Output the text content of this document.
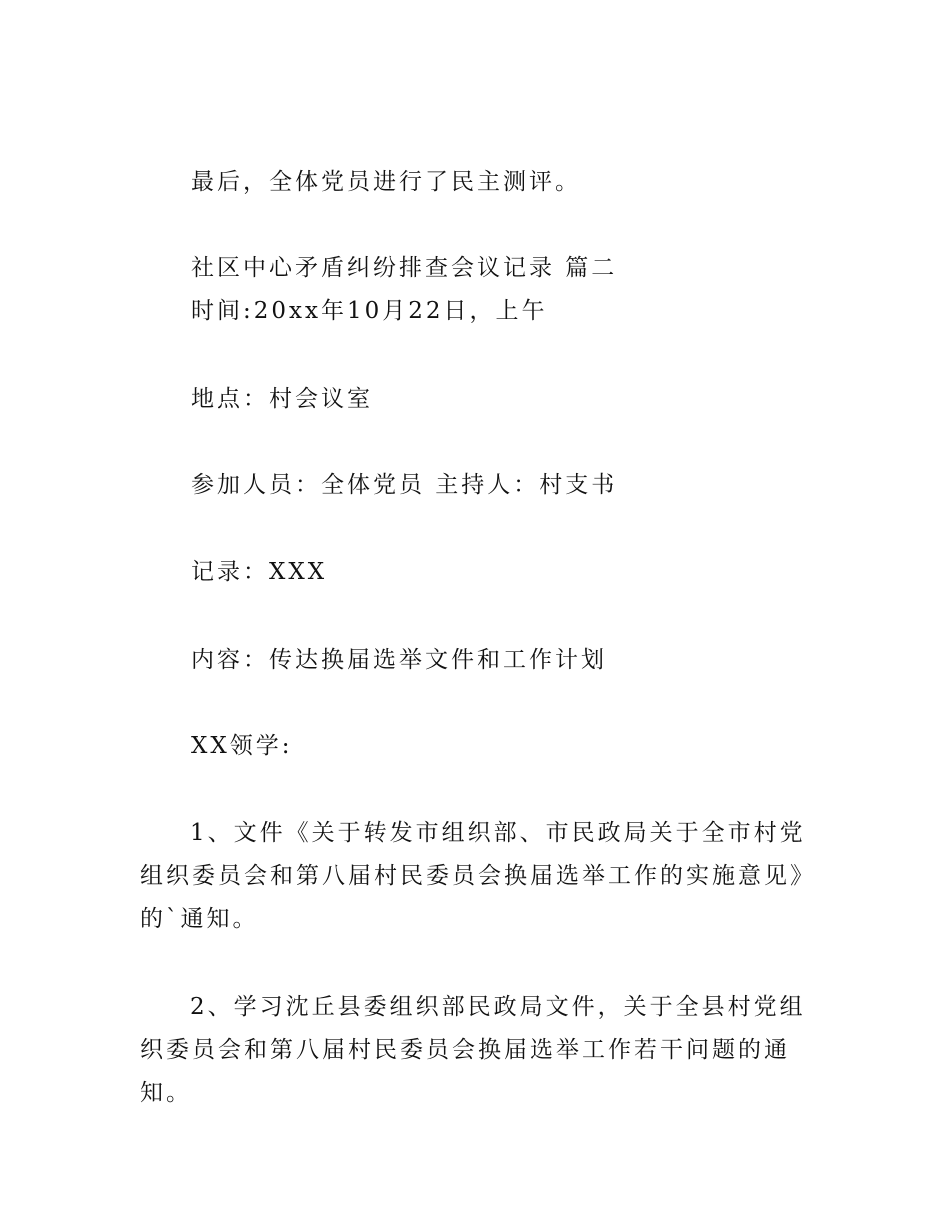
最后，全体党员进行了民主测评。
社区中心矛盾纠纷排查会议记录 篇二
时间:20xx年10月22日，上午
地点：村会议室
参加人员：全体党员 主持人：村支书
记录：XXX
内容：传达换届选举文件和工作计划
XX领学:
1、文件《关于转发市组织部、市民政局关于全市村党组织委员会和第八届村民委员会换届选举工作的实施意见》的`通知。
2、学习沈丘县委组织部民政局文件，关于全县村党组织委员会和第八届村民委员会换届选举工作若干问题的通知。
